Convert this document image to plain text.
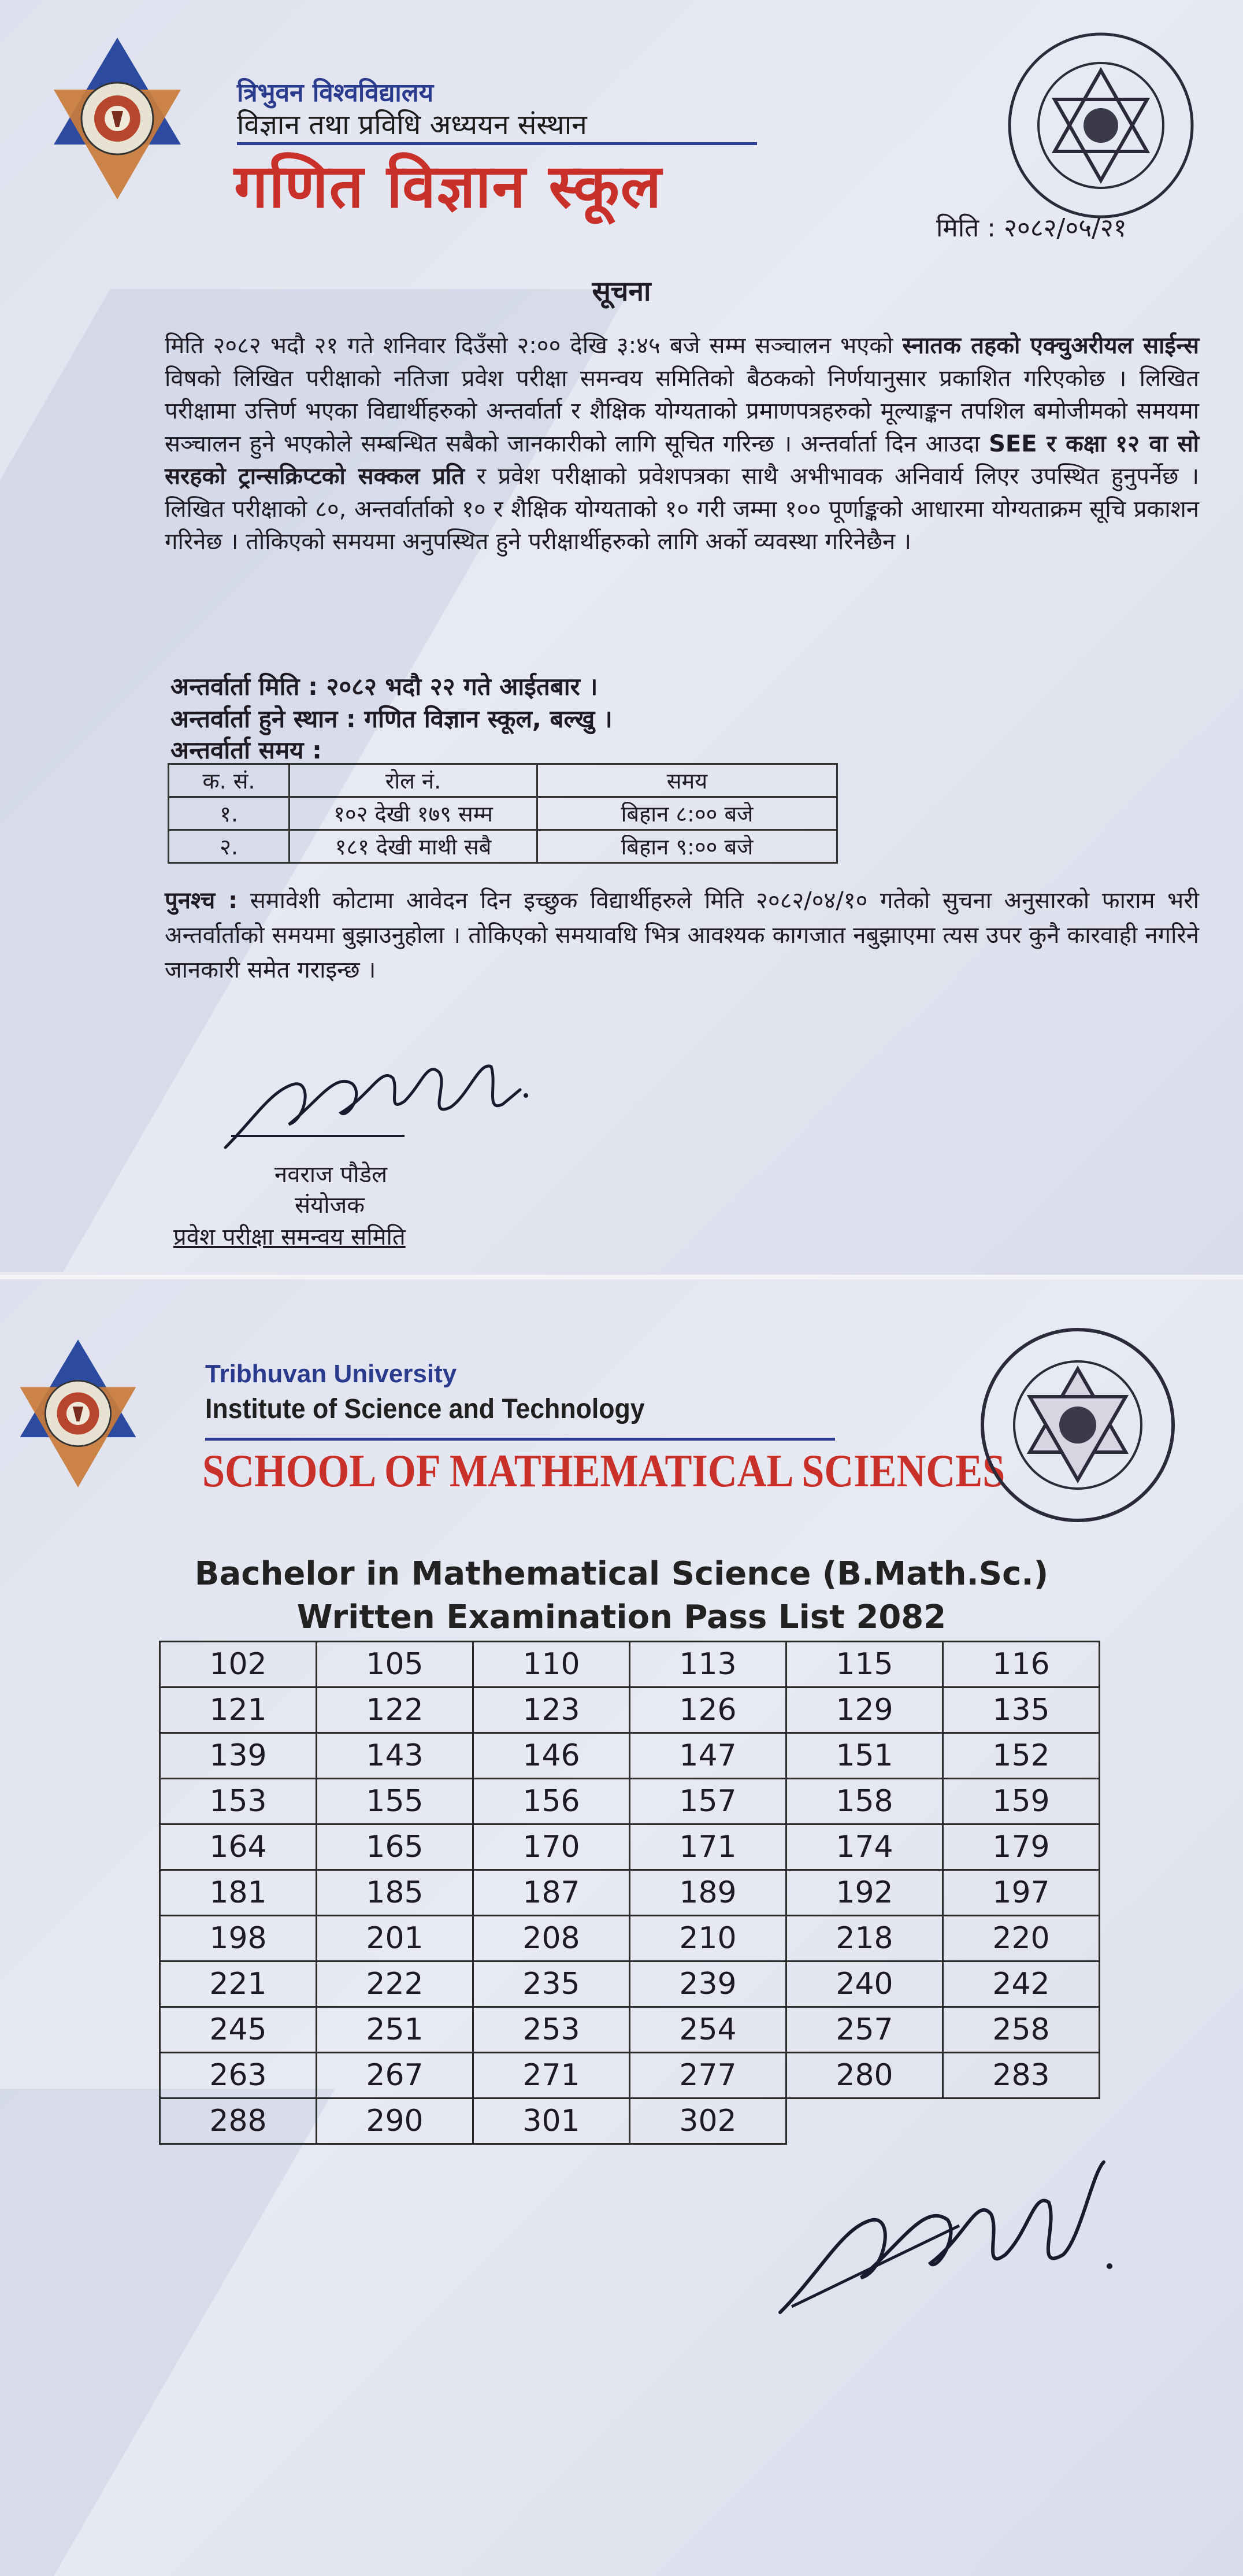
त्रिभुवन विश्वविद्यालय
विज्ञान तथा प्रविधि अध्ययन संस्थान
गणित विज्ञान स्कूल
मिति : २०८२/०५/२१
सूचना
मिति २०८२ भदौ २१ गते शनिवार दिउँसो २:०० देखि ३:४५ बजे सम्म सञ्चालन भएको स्नातक तहको एक्चुअरीयल साईन्स विषको लिखित परीक्षाको नतिजा प्रवेश परीक्षा समन्वय समितिको बैठकको निर्णयानुसार प्रकाशित गरिएकोछ । लिखित परीक्षामा उत्तिर्ण भएका विद्यार्थीहरुको अन्तर्वार्ता र शैक्षिक योग्यताको प्रमाणपत्रहरुको मूल्याङ्कन तपशिल बमोजीमको समयमा सञ्चालन हुने भएकोले सम्बन्धित सबैको जानकारीको लागि सूचित गरिन्छ । अन्तर्वार्ता दिन आउदा SEE र कक्षा १२ वा सो सरहको ट्रान्सक्रिप्टको सक्कल प्रति र प्रवेश परीक्षाको प्रवेशपत्रका साथै अभीभावक अनिवार्य लिएर उपस्थित हुनुपर्नेछ । लिखित परीक्षाको ८०, अन्तर्वार्ताको १० र शैक्षिक योग्यताको १० गरी जम्मा १०० पूर्णाङ्कको आधारमा योग्यताक्रम सूचि प्रकाशन गरिनेछ । तोकिएको समयमा अनुपस्थित हुने परीक्षार्थीहरुको लागि अर्को व्यवस्था गरिनेछैन ।
अन्तर्वार्ता मिति : २०८२ भदौ २२ गते आईतबार ।
अन्तर्वार्ता हुने स्थान : गणित विज्ञान स्कूल, बल्खु ।
अन्तर्वार्ता समय :
क. सं.	रोल नं.	समय
१.	१०२ देखी १७९ सम्म	बिहान ८:०० बजे
२.	१८१ देखी माथी सबै	बिहान ९:०० बजे
पुनश्च : समावेशी कोटामा आवेदन दिन इच्छुक विद्यार्थीहरुले मिति २०८२/०४/१० गतेको सुचना अनुसारको फाराम भरी अन्तर्वार्ताको समयमा बुझाउनुहोला । तोकिएको समयावधि भित्र आवश्यक कागजात नबुझाएमा त्यस उपर कुनै कारवाही नगरिने जानकारी समेत गराइन्छ ।
नवराज पौडेल
संयोजक
प्रवेश परीक्षा समन्वय समिति
Tribhuvan University
Institute of Science and Technology
SCHOOL OF MATHEMATICAL SCIENCES
Bachelor in Mathematical Science (B.Math.Sc.)
Written Examination Pass List 2082
102	105	110	113	115	116
121	122	123	126	129	135
139	143	146	147	151	152
153	155	156	157	158	159
164	165	170	171	174	179
181	185	187	189	192	197
198	201	208	210	218	220
221	222	235	239	240	242
245	251	253	254	257	258
263	267	271	277	280	283
288	290	301	302		
